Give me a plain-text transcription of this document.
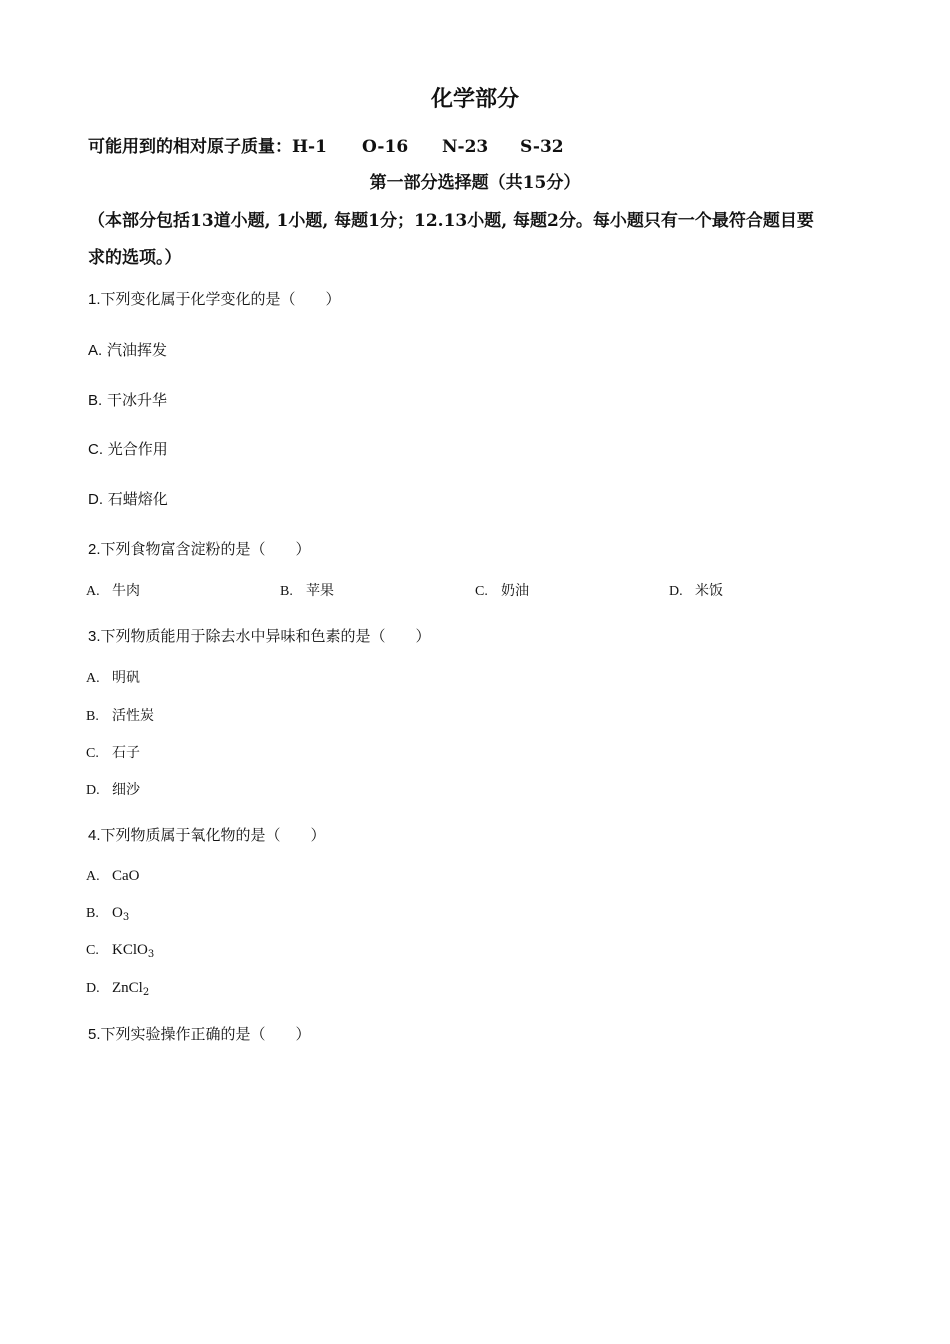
化学部分
可能用到的相对原子质量：H-1 O-16 N-23 S-32
第一部分选择题（共15分）
（本部分包括13道小题, 1小题, 每题1分；12.13小题, 每题2分。每小题只有一个最符合题目要
求的选项。）
1.下列变化属于化学变化的是（　　）
A. 汽油挥发
B. 干冰升华
C. 光合作用
D. 石蜡熔化
2.下列食物富含淀粉的是（　　）
A. 牛肉	B. 苹果	C. 奶油	D. 米饭
3.下列物质能用于除去水中异味和色素的是（　　）
A. 明矾
B. 活性炭
C. 石子
D. 细沙
4.下列物质属于氧化物的是（　　）
A. CaO
B. $O_3$
C. KClO$_3$
D. ZnCl$_2$
5.下列实验操作正确的是（　　）
